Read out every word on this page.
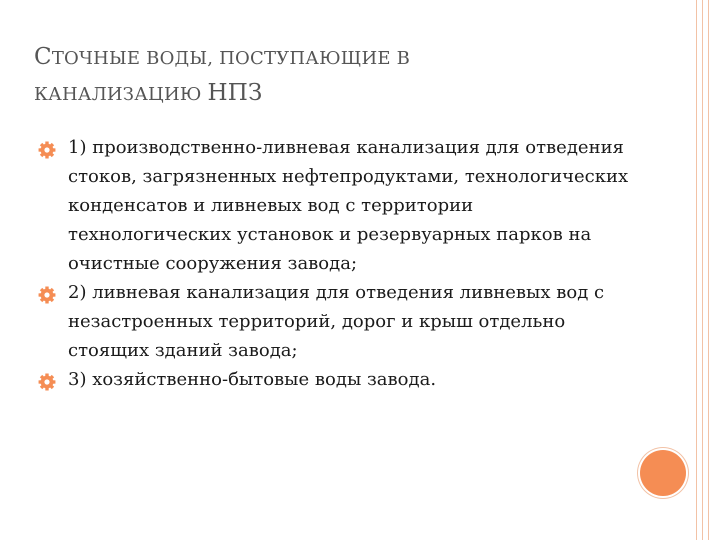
СТОЧНЫЕ ВОДЫ, ПОСТУПАЮЩИЕ В
КАНАЛИЗАЦИЮ НПЗ
1) производственно-ливневая канализация для отведения стоков, загрязненных нефтепродуктами, технологических конденсатов и ливневых вод с территории технологических установок и резервуарных парков на очистные сооружения завода;
2) ливневая канализация для отведения ливневых вод с незастроенных территорий, дорог и крыш отдельно стоящих зданий завода;
3) хозяйственно-бытовые воды завода.
